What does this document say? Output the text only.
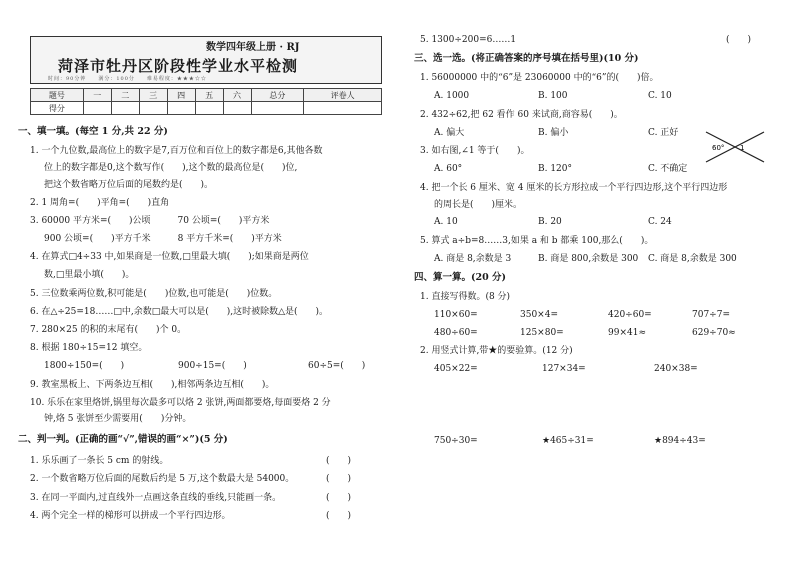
数学四年级上册 · RJ
菏泽市牡丹区阶段性学业水平检测
时间：90分钟　　满分：100分　　难易程度：★★★☆☆
题号	一	二	三	四	五	六	总分	评卷人
得分								
一、填一填。(每空 1 分,共 22 分)
1. 一个九位数,最高位上的数字是7,百万位和百位上的数字都是6,其他各数
位上的数字都是0,这个数写作(　　),这个数的最高位是(　　)位,
把这个数省略万位后面的尾数约是(　　)。
2. 1 周角=(　　)平角=(　　)直角
3. 60000 平方米=(　　)公顷　　　70 公顷=(　　)平方米
900 公顷=(　　)平方千米　　　8 平方千米=(　　)平方米
4. 在算式□4÷33 中,如果商是一位数,□里最大填(　　);如果商是两位
数,□里最小填(　　)。
5. 三位数乘两位数,积可能是(　　)位数,也可能是(　　)位数。
6. 在△÷25=18……□中,余数□最大可以是(　　),这时被除数△是(　　)。
7. 280×25 的积的末尾有(　　)个 0。
8. 根据 180÷15=12 填空。
1800÷150=(　　)	900÷15=(　　)	60÷5=(　　)
9. 教室黑板上、下两条边互相(　　),相邻两条边互相(　　)。
10. 乐乐在家里烙饼,锅里每次最多可以烙 2 张饼,两面都要烙,每面要烙 2 分
钟,烙 5 张饼至少需要用(　　)分钟。
二、判一判。(正确的画“√”,错误的画“×”)(5 分)
1. 乐乐画了一条长 5 cm 的射线。	(　　)
2. 一个数省略万位后面的尾数后约是 5 万,这个数最大是 54000。	(　　)
3. 在同一平面内,过直线外一点画这条直线的垂线,只能画一条。	(　　)
4. 两个完全一样的梯形可以拼成一个平行四边形。	(　　)
5. 1300÷200=6……1	(　　)
三、选一选。(将正确答案的序号填在括号里)(10 分)
1. 56000000 中的“6”是 23060000 中的“6”的(　　)倍。
A. 1000	B. 100	C. 10
2. 432÷62,把 62 看作 60 来试商,商容易(　　)。
A. 偏大	B. 偏小	C. 正好
60° 1
3. 如右图,∠1 等于(　　)。
A. 60°	B. 120°	C. 不确定
4. 把一个长 6 厘米、宽 4 厘米的长方形拉成一个平行四边形,这个平行四边形
的周长是(　　)厘米。
A. 10	B. 20	C. 24
5. 算式 a÷b=8……3,如果 a 和 b 都乘 100,那么(　　)。
A. 商是 8,余数是 3	B. 商是 800,余数是 300 C. 商是 8,余数是 300
四、算一算。(20 分)
1. 直接写得数。(8 分)
110×60=	350×4=	420÷60=	707÷7=
480÷60=	125×80=	99×41≈	629÷70≈
2. 用竖式计算,带★的要验算。(12 分)
405×22=	127×34=	240×38=
750÷30=	★465÷31=	★894÷43=
